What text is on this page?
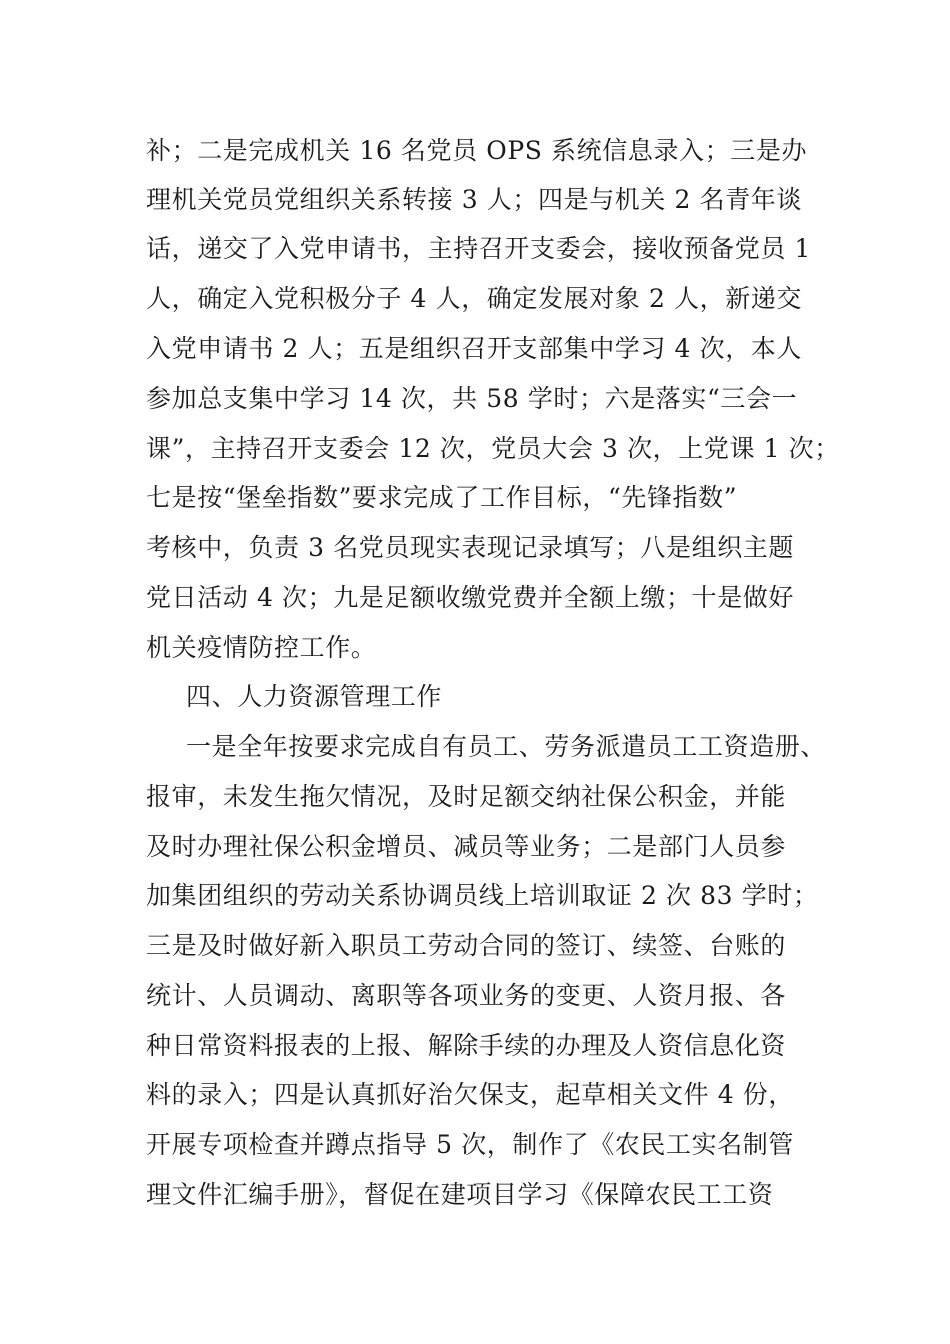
补；二是完成机关 16 名党员 OPS 系统信息录入；三是办
理机关党员党组织关系转接 3 人；四是与机关 2 名青年谈
话，递交了入党申请书，主持召开支委会，接收预备党员 1
人，确定入党积极分子 4 人，确定发展对象 2 人，新递交
入党申请书 2 人；五是组织召开支部集中学习 4 次，本人
参加总支集中学习 14 次，共 58 学时；六是落实“三会一
课”，主持召开支委会 12 次，党员大会 3 次，上党课 1 次；
七是按“堡垒指数”要求完成了工作目标，“先锋指数”
考核中，负责 3 名党员现实表现记录填写；八是组织主题
党日活动 4 次；九是足额收缴党费并全额上缴；十是做好
机关疫情防控工作。
四、人力资源管理工作
一是全年按要求完成自有员工、劳务派遣员工工资造册、
报审，未发生拖欠情况，及时足额交纳社保公积金，并能
及时办理社保公积金增员、减员等业务；二是部门人员参
加集团组织的劳动关系协调员线上培训取证 2 次 83 学时；
三是及时做好新入职员工劳动合同的签订、续签、台账的
统计、人员调动、离职等各项业务的变更、人资月报、各
种日常资料报表的上报、解除手续的办理及人资信息化资
料的录入；四是认真抓好治欠保支，起草相关文件 4 份，
开展专项检查并蹲点指导 5 次，制作了《农民工实名制管
理文件汇编手册》，督促在建项目学习《保障农民工工资
